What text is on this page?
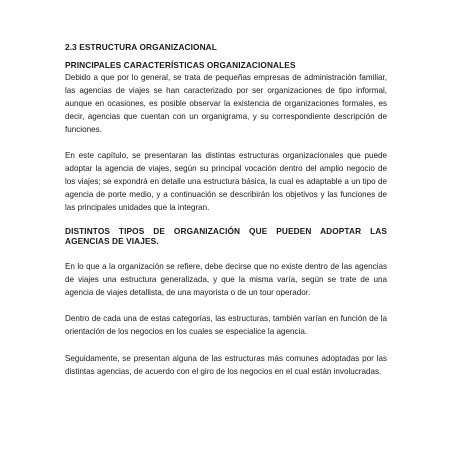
2.3 ESTRUCTURA ORGANIZACIONAL
PRINCIPALES CARACTERÍSTICAS ORGANIZACIONALES

Debido a que por lo general, se trata de pequeñas empresas de administración familiar, las agencias de viajes se han caracterizado por ser organizaciones de tipo informal, aunque en ocasiones, es posible observar la existencia de organizaciones formales, es decir, agencias que cuentan con un organigrama, y su correspondiente descripción de funciones.

En este capítulo, se presentaran las distintas estructuras organizacionales que puede adoptar la agencia de viajes, según su principal vocación dentro del amplio negocio de los viajes; se expondrá en detalle una estructura básica, la cual es adaptable a un tipo de agencia de porte medio, y a continuación se describirán los objetivos y las funciones de las principales unidades que la integran.

DISTINTOS TIPOS DE ORGANIZACIÓN QUE PUEDEN ADOPTAR LAS AGENCIAS DE VIAJES.

En lo que a la organización se refiere, debe decirse que no existe dentro de las agencias de viajes una estructura generalizada, y que la misma varía, según se trate de una agencia de viajes detallista, de una mayorista o de un tour operador.

Dentro de cada una de estas categorías, las estructuras, también varían en función de la orientación de los negocios en los cuales se especialice la agencia.

Seguidamente, se presentan alguna de las estructuras más comunes adoptadas por las distintas agencias, de acuerdo con el giro de los negocios en el cual están involucradas.
